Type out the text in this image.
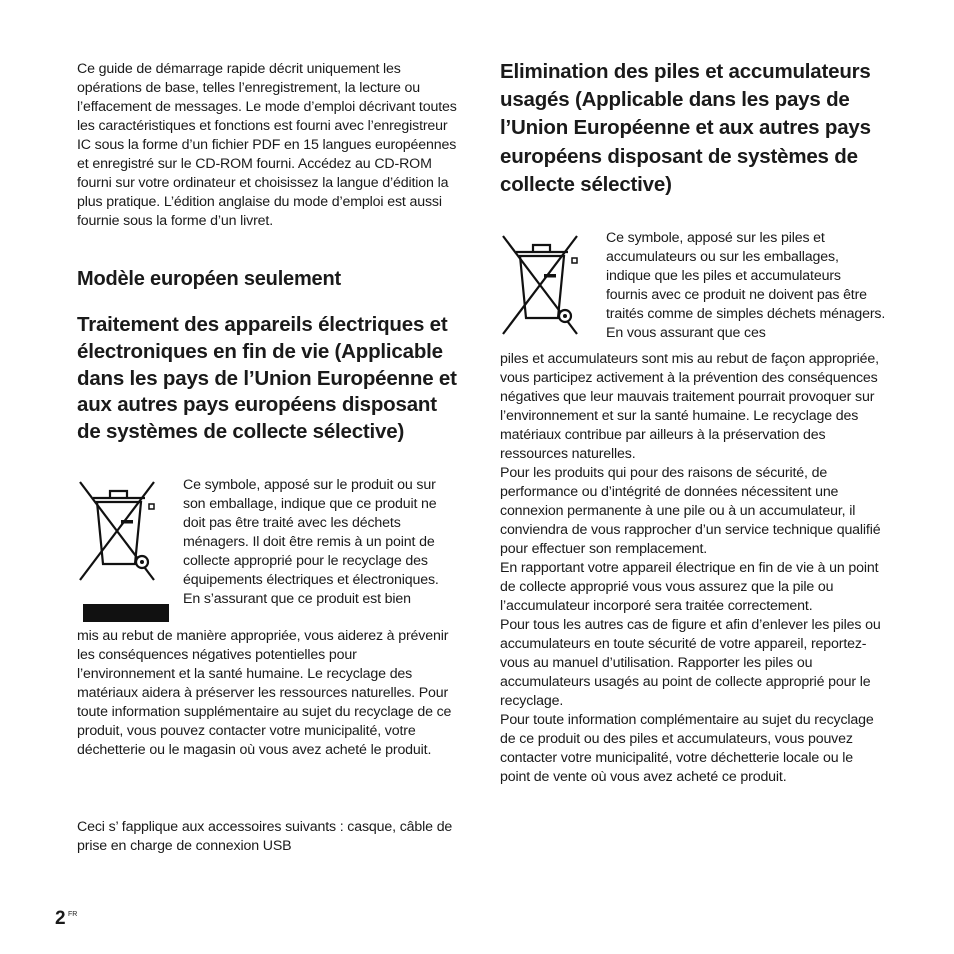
Ce guide de démarrage rapide décrit uniquement les opérations de base, telles l’enregistrement, la lecture ou l’effacement de messages. Le mode d’emploi décrivant toutes les caractéristiques et fonctions est fourni avec l’enregistreur IC sous la forme d’un fichier PDF en 15 langues européennes et enregistré sur le CD-ROM fourni. Accédez au CD-ROM fourni sur votre ordinateur et choisissez la langue d’édition la plus pratique. L’édition anglaise du mode d’emploi est aussi fournie sous la forme d’un livret.

Modèle européen seulement
Traitement des appareils électriques et électroniques en fin de vie (Applicable dans les pays de l’Union Européenne et aux autres pays européens disposant de systèmes de collecte sélective)

Ce symbole, apposé sur le produit ou sur son emballage, indique que ce produit ne doit pas être traité avec les déchets ménagers. Il doit être remis à un point de collecte approprié pour le recyclage des équipements électriques et électroniques. En s’assurant que ce produit est bien

mis au rebut de manière appropriée, vous aiderez à prévenir les conséquences négatives potentielles pour l’environnement et la santé humaine. Le recyclage des matériaux aidera à préserver les ressources naturelles. Pour toute information supplémentaire au sujet du recyclage de ce produit, vous pouvez contacter votre municipalité, votre déchetterie ou le magasin où vous avez acheté le produit.

Ceci s’ fapplique aux accessoires suivants : casque, câble de prise en charge de connexion USB

Elimination des piles et accumulateurs usagés (Applicable dans les pays de l’Union Européenne et aux autres pays européens disposant de systèmes de collecte sélective)

Ce symbole, apposé sur les piles et accumulateurs ou sur les emballages, indique que les piles et accumulateurs fournis avec ce produit ne doivent pas être traités comme de simples déchets ménagers. En vous assurant que ces

piles et accumulateurs sont mis au rebut de façon appropriée, vous participez activement à la prévention des conséquences négatives que leur mauvais traitement pourrait provoquer sur l’environnement et sur la santé humaine. Le recyclage des matériaux contribue par ailleurs à la préservation des ressources naturelles.

Pour les produits qui pour des raisons de sécurité, de performance ou d’intégrité de données nécessitent une connexion permanente à une pile ou à un accumulateur, il conviendra de vous rapprocher d’un service technique qualifié pour effectuer son remplacement.

En rapportant votre appareil électrique en fin de vie à un point de collecte approprié vous vous assurez que la pile ou l’accumulateur incorporé sera traitée correctement.

Pour tous les autres cas de figure et afin d’enlever les piles ou accumulateurs en toute sécurité de votre appareil, reportez-vous au manuel d’utilisation. Rapporter les piles ou accumulateurs usagés au point de collecte approprié pour le recyclage.

Pour toute information complémentaire au sujet du recyclage de ce produit ou des piles et accumulateurs, vous pouvez contacter votre municipalité, votre déchetterie locale ou le point de vente où vous avez acheté ce produit.

2 FR
